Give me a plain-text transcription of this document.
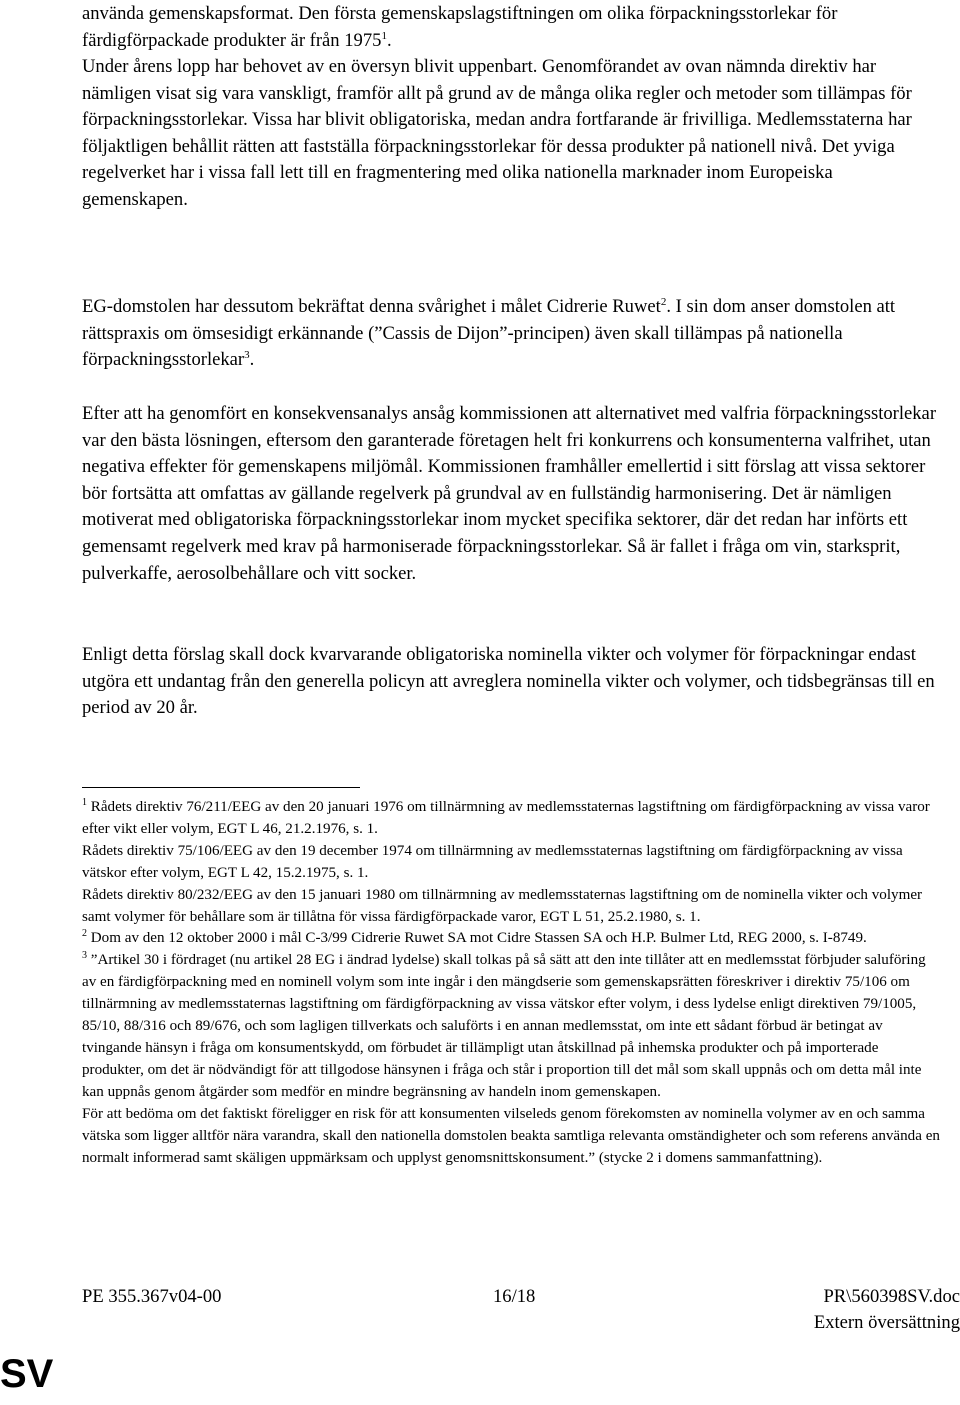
använda gemenskapsformat. Den första gemenskapslagstiftningen om olika förpackningsstorlekar för färdigförpackade produkter är från 1975$^1$.

Under årens lopp har behovet av en översyn blivit uppenbart. Genomförandet av ovan nämnda direktiv har nämligen visat sig vara vanskligt, framför allt på grund av de många olika regler och metoder som tillämpas för förpackningsstorlekar. Vissa har blivit obligatoriska, medan andra fortfarande är frivilliga. Medlemsstaterna har följaktligen behållit rätten att fastställa förpackningsstorlekar för dessa produkter på nationell nivå. Det yviga regelverket har i vissa fall lett till en fragmentering med olika nationella marknader inom Europeiska gemenskapen.

EG-domstolen har dessutom bekräftat denna svårighet i målet Cidrerie Ruwet$^2$. I sin dom anser domstolen att rättspraxis om ömsesidigt erkännande (”Cassis de Dijon”-principen) även skall tillämpas på nationella förpackningsstorlekar$^3$.

Efter att ha genomfört en konsekvensanalys ansåg kommissionen att alternativet med valfria förpackningsstorlekar var den bästa lösningen, eftersom den garanterade företagen helt fri konkurrens och konsumenterna valfrihet, utan negativa effekter för gemenskapens miljömål. Kommissionen framhåller emellertid i sitt förslag att vissa sektorer bör fortsätta att omfattas av gällande regelverk på grundval av en fullständig harmonisering. Det är nämligen motiverat med obligatoriska förpackningsstorlekar inom mycket specifika sektorer, där det redan har införts ett gemensamt regelverk med krav på harmoniserade förpackningsstorlekar. Så är fallet i fråga om vin, starksprit, pulverkaffe, aerosolbehållare och vitt socker.

Enligt detta förslag skall dock kvarvarande obligatoriska nominella vikter och volymer för förpackningar endast utgöra ett undantag från den generella policyn att avreglera nominella vikter och volymer, och tidsbegränsas till en period av 20 år.

$^1$ Rådets direktiv 76/211/EEG av den 20 januari 1976 om tillnärmning av medlemsstaternas lagstiftning om färdigförpackning av vissa varor efter vikt eller volym, EGT L 46, 21.2.1976, s. 1.

Rådets direktiv 75/106/EEG av den 19 december 1974 om tillnärmning av medlemsstaternas lagstiftning om färdigförpackning av vissa vätskor efter volym, EGT L 42, 15.2.1975, s. 1.

Rådets direktiv 80/232/EEG av den 15 januari 1980 om tillnärmning av medlemsstaternas lagstiftning om de nominella vikter och volymer samt volymer för behållare som är tillåtna för vissa färdigförpackade varor, EGT L 51, 25.2.1980, s. 1.

$^2$ Dom av den 12 oktober 2000 i mål C-3/99 Cidrerie Ruwet SA mot Cidre Stassen SA och H.P. Bulmer Ltd, REG 2000, s. I-8749.

$^3$ ”Artikel 30 i fördraget (nu artikel 28 EG i ändrad lydelse) skall tolkas på så sätt att den inte tillåter att en medlemsstat förbjuder saluföring av en färdigförpackning med en nominell volym som inte ingår i den mängdserie som gemenskapsrätten föreskriver i direktiv 75/106 om tillnärmning av medlemsstaternas lagstiftning om färdigförpackning av vissa vätskor efter volym, i dess lydelse enligt direktiven 79/1005, 85/10, 88/316 och 89/676, och som lagligen tillverkats och saluförts i en annan medlemsstat, om inte ett sådant förbud är betingat av tvingande hänsyn i fråga om konsumentskydd, om förbudet är tillämpligt utan åtskillnad på inhemska produkter och på importerade produkter, om det är nödvändigt för att tillgodose hänsynen i fråga och står i proportion till det mål som skall uppnås och om detta mål inte kan uppnås genom åtgärder som medför en mindre begränsning av handeln inom gemenskapen.

För att bedöma om det faktiskt föreligger en risk för att konsumenten vilseleds genom förekomsten av nominella volymer av en och samma vätska som ligger alltför nära varandra, skall den nationella domstolen beakta samtliga relevanta omständigheter och som referens använda en normalt informerad samt skäligen uppmärksam och upplyst genomsnittskonsument.” (stycke 2 i domens sammanfattning).

PE 355.367v04-00	16/18	PR\560398SV.doc
Extern översättning
SV
